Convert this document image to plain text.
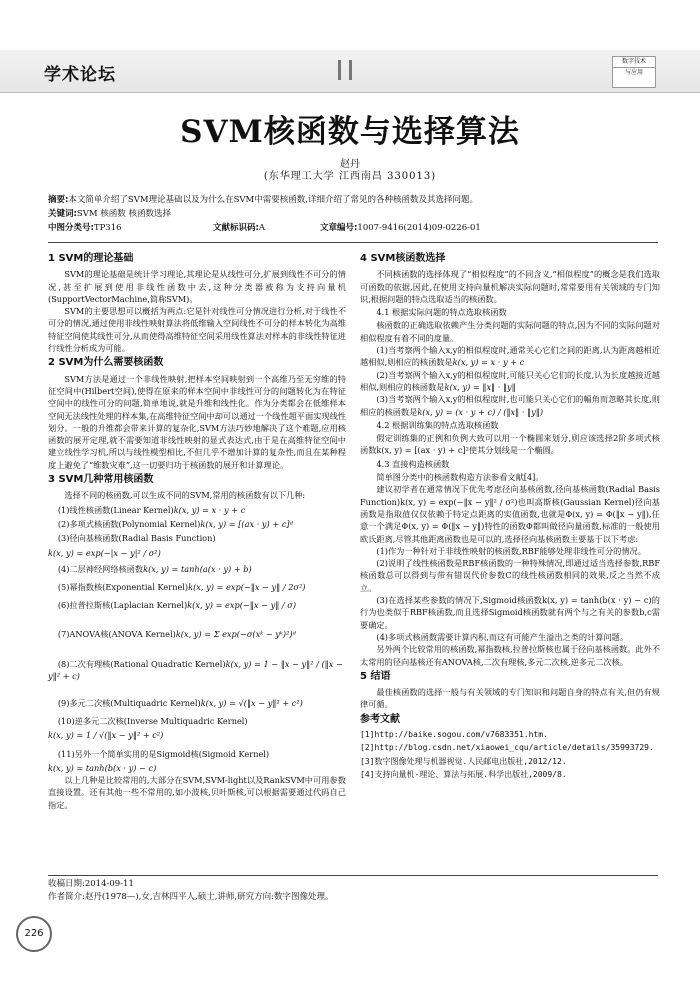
学术论坛
数字技术
与应用
SVM核函数与选择算法
赵丹
(东华理工大学 江西南昌 330013)
摘要:本文简单介绍了SVM理论基础以及为什么在SVM中需要核函数,详细介绍了常见的各种核函数及其选择问题。
关键词:SVM 核函数 核函数选择
中图分类号:TP316	文献标识码:A	文章编号:1007-9416(2014)09-0226-01
1 SVM的理论基础

SVM的理论基础是统计学习理论,其理论是从线性可分,扩展到线性不可分的情况,甚至扩展到使用非线性函数中去,这种分类器被称为支持向量机(SupportVectorMachine,简称SVM)。

SVM的主要思想可以概括为两点:它是针对线性可分情况进行分析,对于线性不可分的情况,通过使用非线性映射算法将低维输入空间线性不可分的样本转化为高维特征空间使其线性可分,从而使得高维特征空间采用线性算法对样本的非线性特征进行线性分析成为可能。

2 SVM为什么需要核函数

SVM方法是通过一个非线性映射,把样本空间映射到一个高维乃至无穷维的特征空间中(Hilbert空间),使得在原来的样本空间中非线性可分的问题转化为在特征空间中的线性可分的问题,简单地说,就是升维和线性化。作为分类都会在低维样本空间无法线性处理的样本集,在高维特征空间中却可以通过一个线性超平面实现线性划分。一般的升维都会带来计算的复杂化,SVM方法巧妙地解决了这个难题,应用核函数的展开定理,就不需要知道非线性映射的显式表达式,由于是在高维特征空间中建立线性学习机,所以与线性模型相比,不但几乎不增加计算的复杂性,而且在某种程度上避免了“维数灾难”,这一切要归功于核函数的展开和计算理论。

3 SVM几种常用核函数

选择不同的核函数,可以生成不同的SVM,常用的核函数有以下几种:

(1)线性核函数(Linear Kernel)k(x, y) = x · y + c
(2)多项式核函数(Polynomial Kernel)k(x, y) = [(ax · y) + c]ᵈ
(3)径向基核函数(Radial Basis Function)
k(x, y) = exp(−|x − y|² / σ²)
(4)二层神经网络核函数k(x, y) = tanh(a(x · y) + b)
(5)幂指数核(Exponential Kernel)k(x, y) = exp(−‖x − y‖ / 2σ²)
(6)拉普拉斯核(Laplacian Kernel)k(x, y) = exp(−‖x − y‖ / σ)
(7)ANOVA核(ANOVA Kernel)k(x, y) = Σ exp(−σ(xᵏ − yᵏ)²)ᵈ
(8)二次有理核(Rational Quadratic Kernel)k(x, y) = 1 − ‖x − y‖² / (‖x − y‖² + c)
(9)多元二次核(Multiquadric Kernel)k(x, y) = √(‖x − y‖² + c²)
(10)逆多元二次核(Inverse Multiquadric Kernel)
k(x, y) = 1 / √(‖x − y‖² + c²)
(11)另外一个简单实用的是Sigmoid核(Sigmoid Kernel)
k(x, y) = tanh(b(x · y) − c)

以上几种是比较常用的,大部分在SVM,SVM-light以及RankSVM中可用参数直接设置。还有其他一些不常用的,如小波核,贝叶斯核,可以根据需要通过代码自己指定。

4 SVM核函数选择

不同核函数的选择体现了“相似程度”的不同含义,“相似程度”的概念是我们选取可函数的依据,因此,在使用支持向量机解决实际问题时,常常要用有关领域的专门知识,根据问题的特点选取适当的核函数。

4.1 根据实际问题的特点选取核函数

核函数的正确选取依赖产生分类问题的实际问题的特点,因为不同的实际问题对相似程度有着不同的度量。

(1)当考察两个输入x,y的相似程度时,通常关心它们之间的距离,认为距离越相近越相似,则相应的核函数是k(x, y) = x · y + c

(2)当考察两个输入x,y的相似程度时,可能只关心它们的长度,认为长度越接近越相似,则相应的核函数是k(x, y) = ‖x‖ · ‖y‖

(3)当考察两个输入x,y的相似程度时,也可能只关心它们的幅角而忽略其长度,则相应的核函数是k(x, y) = (x · y + c) / (‖x‖ · ‖y‖)

4.2 根据训练集的特点选取核函数

假定训练集的正例和负例大致可以用一个椭圆来划分,则应该选择2阶多项式核函数k(x, y) = [(ax · y) + c]²使其分划线是一个椭圆。

4.3 直接构造核函数

简单图分类中的核函数构造方法参看文献[4]。

建议初学者在通常情况下优先考虑径向基核函数,径向基核函数(Radial Basis Function)k(x, y) = exp(−‖x − y‖² / σ²)也叫高斯核(Gaussian Kernel)径向基函数是指取值仅仅依赖于特定点距离的实值函数,也就是Φ(x, y) = Φ(‖x − y‖),任意一个满足Φ(x, y) = Φ(‖x − y‖)特性的函数Φ都叫做径向量函数,标准的一般使用欧氏距离,尽管其他距离函数也是可以的,选择径向基核函数主要基于以下考虑:

(1)作为一种针对于非线性映射的核函数,RBF能够处理非线性可分的情况。

(2)说明了线性核函数是RBF核函数的一种特殊情况,即通过适当选择参数,RBF核函数总可以得到与带有错误代价参数C的线性核函数相同的效果,反之当然不成立。

(3)在选择某些参数的情况下,Sigmoid核函数k(x, y) = tanh(b(x · y) − c)的行为也类似于RBF核函数,而且选择Sigmoid核函数就有两个与之有关的参数b,c需要确定。

(4)多项式核函数需要计算内积,而这有可能产生溢出之类的计算问题。

另外两个比较常用的核函数,幂指数核,拉普拉斯核也属于径向基核函数。此外不太常用的径向基核还有ANOVA核,二次有理核,多元二次核,逆多元二次核。

5 结语

最佳核函数的选择一般与有关领域的专门知识和问题自身的特点有关,但仍有规律可循。

参考文献
[1]http://baike.sogou.com/v7683351.htm.
[2]http://blog.csdn.net/xiaowei_cqu/article/details/35993729.
[3]数字图像处理与机器视觉.人民邮电出版社,2012/12.
[4]支持向量机-理论、算法与拓展.科学出版社,2009/8.
收稿日期:2014-09-11
作者简介:赵丹(1978—),女,吉林四平人,硕士,讲师,研究方向:数字图像处理。
226
